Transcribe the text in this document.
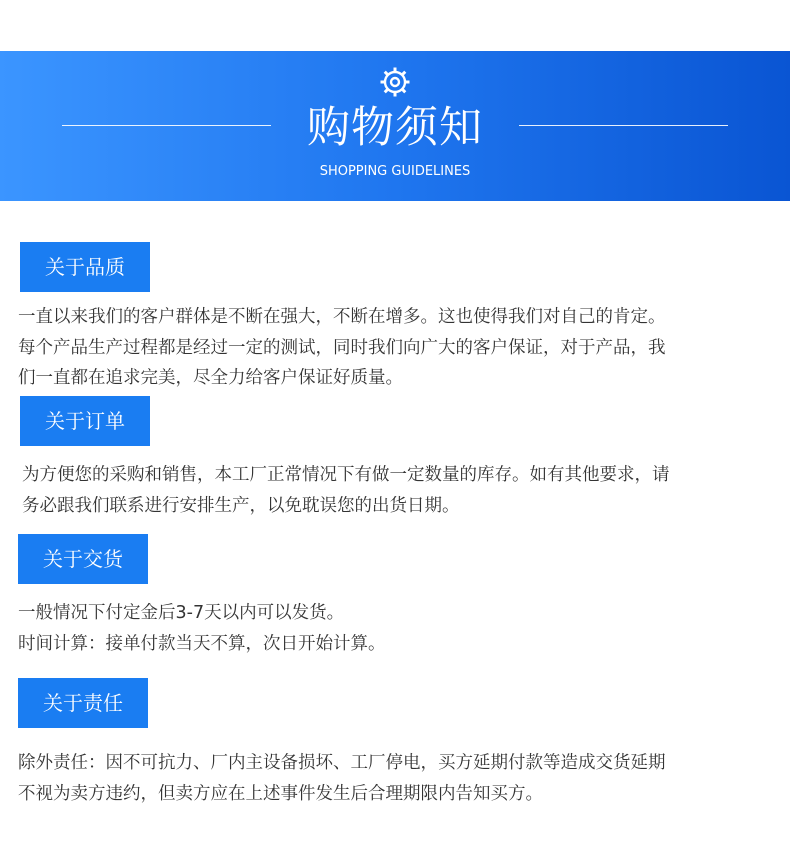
购物须知
SHOPPING GUIDELINES
关于品质
一直以来我们的客户群体是不断在强大，不断在增多。这也使得我们对自己的肯定。
每个产品生产过程都是经过一定的测试，同时我们向广大的客户保证，对于产品，我
们一直都在追求完美，尽全力给客户保证好质量。
关于订单
为方便您的采购和销售，本工厂正常情况下有做一定数量的库存。如有其他要求，请
务必跟我们联系进行安排生产，以免耽误您的出货日期。
关于交货
一般情况下付定金后3-7天以内可以发货。
时间计算：接单付款当天不算，次日开始计算。
关于责任
除外责任：因不可抗力、厂内主设备损坏、工厂停电，买方延期付款等造成交货延期
不视为卖方违约，但卖方应在上述事件发生后合理期限内告知买方。
